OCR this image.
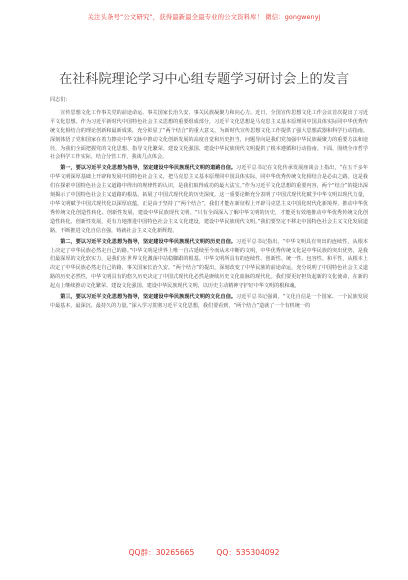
关注头条号“公文研究”，获得最新最全最专业的公文资料库！ 微信：gongwenyj
在社科院理论学习中心组专题学习研讨会上的发言

同志们：

宣传思想文化工作事关党的前途命运、事关国家长治久安、事关民族凝聚力和向心力。近日，全国宣传思想文化工作会议首次提出了习近平文化思想。作为习近平新时代中国特色社会主义思想的重要组成部分，习近平文化思想是马克思主义基本原理同中国具体实际同中华优秀传统文化相结合的理论创新和最新成果，充分彰显了“两个结合”的重大意义，为新时代宣传思想文化工作提供了强大思想武器和科学行动指南。深刻体悟了党和国家在着力擦亮中华文脉中推动文化创新发展的高度自觉和历史担当，问题导向是我们党加强中华民族凝聚力的重要方法和途径，为我们全面把握党的文化思想、指导文化繁荣、建设文化强国、建设中华民族现代文明提供了根本遵循和行动指南。下面，围绕全市哲学社会科学工作实际，结合分管工作，我谈几点体会。

第一，要以习近平文化思想为指导，坚定建设中华民族现代文明的道路自信。习近平总书记在文化传承发展座谈会上指出，“在五千多年中华文明深厚基础上开辟和发展中国特色社会主义，把马克思主义基本原理同中国具体实际、同中华优秀传统文化相结合是必由之路。这是我们在探索中国特色社会主义道路中得出的规律性的认识，是我们取得成功的最大法宝。”作为习近平文化思想的重要内容，两个“结合”的提出深刻揭示了中国特色社会主义道路的根基，拓展了中国式现代化的历史深度。这一重要论断充分表明了中国式现代化赋予中华文明以现代力量，中华文明赋予中国式现代化以深厚底蕴，正是由于坚持了“两个结合”，我们才能在新征程上开辟马克思主义中国化时代化新境界，推动中华优秀传统文化创造性转化、创新性发展，建设中华民族现代文明。“只有全面深入了解中华文明的历史，才能更有效地推动中华优秀传统文化创造性转化、创新性发展，更有力地推进中国特色社会主义文化建设，建设中华民族现代文明。”我们要坚定不移走中国特色社会主义文化发展道路，不断推进文化自信自强，铸就社会主义文化新辉煌。

第二，要以习近平文化思想为指导，坚定建设中华民族现代文明的历史自信。习近平总书记指出，“中华文明具有突出的连续性，从根本上决定了中华民族必然走自己的路。”中华文明是世界上唯一自古延续至今而从未中断的文明，中华优秀传统文化是中华民族的突出优势，是我们最深厚的文化软实力，是我们在世界文化激荡中站稳脚跟的根基。中华文明所具有的连续性、创新性、统一性、包容性、和平性，从根本上决定了中华民族必然走自己的路，事关国家长治久安。“两个结合”的提出，深刻改变了中华民族的前途命运，充分说明了中国特色社会主义道路的历史必然性，中华文明具有的悠久历史决定了中国式现代化必然是赓续历史文化血脉的现代化。我们要更好担负起新的文化使命，在新的起点上继续推动文化繁荣、建设文化强国、建设中华民族现代文明，以历史主动精神守护好中华文明的根和魂。

第三，要以习近平文化思想为指导，坚定建设中华民族现代文明的文化自信。习近平总书记强调，“文化自信是一个国家、一个民族发展中最基本、最深沉、最持久的力量。”深入学习贯彻习近平文化思想，我们要看到，“两个结合”造就了一个有机统一的

QQ群：30265665	QQ：535304092
